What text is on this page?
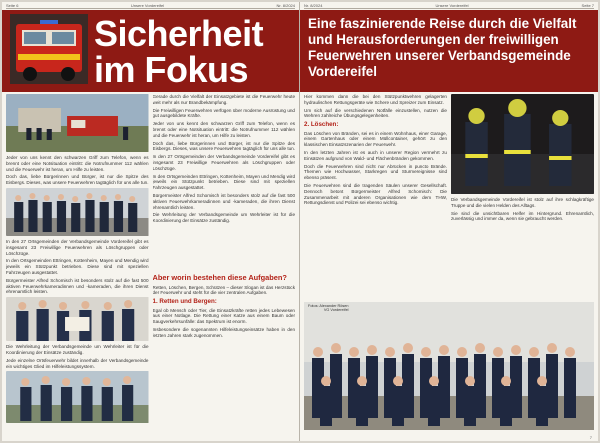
Seite 6	Unsere Vordereifel	Nr. 8/2024
Sicherheit
im Fokus

Jeder von uns kennt den schwarzen Griff zum Telefon, wenn es brennt oder eine Notsituation eintritt: die Notrufnummer 112 wählen und die Feuerwehr ist heran, um Hilfe zu leisten.

Doch das, liebe Bürgerinnen und Bürger, ist nur die Spitze des Eisbergs. Dieses, was unsere Feuerwehren tagtäglich für uns alle tun.

In den 27 Ortsgemeinden der Verbandsgemeinde Vordereifel gibt es insgesamt 23 Freiwillige Feuerwehren als Löschgruppen oder Löschzüge.

In den Ortsgemeinden Ettringen, Kottenheim, Mayen und Mendig wird jeweils ein Stützpunkt betrieben. Diese sind mit speziellen Fahrzeugen ausgestattet.

Bürgermeister Alfred Schomisch ist besonders stolz auf die fast 500 aktiven Feuerwehrkameradinnen und -kameraden, die ihren Dienst ehrenamtlich leisten.

Die Wehrleitung der Verbandsgemeinde um Wehrleiter ist für die Koordinierung der Einsätze zuständig.

Jede einzelne Ortsfeuerwehr bildet innerhalb der Verbandsgemeinde ein wichtiges Glied im Hilfeleistungssystem.

Gerade durch die Vielfalt der Einsatzgebiete ist die Feuerwehr heute weit mehr als nur Brandbekämpfung.

Die Freiwilligen Feuerwehren verfügen über moderne Ausrüstung und gut ausgebildete Kräfte.

Jeder von uns kennt den schwarzen Griff zum Telefon, wenn es brennt oder eine Notsituation eintritt: die Notrufnummer 112 wählen und die Feuerwehr ist heran, um Hilfe zu leisten.

Doch das, liebe Bürgerinnen und Bürger, ist nur die Spitze des Eisbergs. Dieses, was unsere Feuerwehren tagtäglich für uns alle tun.

In den 27 Ortsgemeinden der Verbandsgemeinde Vordereifel gibt es insgesamt 23 Freiwillige Feuerwehren als Löschgruppen oder Löschzüge.

In den Ortsgemeinden Ettringen, Kottenheim, Mayen und Mendig wird jeweils ein Stützpunkt betrieben. Diese sind mit speziellen Fahrzeugen ausgestattet.

Bürgermeister Alfred Schomisch ist besonders stolz auf die fast 500 aktiven Feuerwehrkameradinnen und -kameraden, die ihren Dienst ehrenamtlich leisten.

Die Wehrleitung der Verbandsgemeinde um Wehrleiter ist für die Koordinierung der Einsätze zuständig.

Aber worin bestehen diese Aufgaben?

Retten, Löschen, Bergen, Schützen – dieser Slogan ist das Herzstück der Feuerwehr und steht für die vier zentralen Aufgaben.

1. Retten und Bergen:

Egal ob Mensch oder Tier, die Einsatzkräfte retten jedes Lebewesen aus einer Notlage. Die Rettung einer Katze aus einem Baum oder Saugverkehrsunfälle: das Spektrum ist enorm.

Insbesondere die sogenannten Hilfeleistungseinsätze haben in den letzten Jahren stark zugenommen.

Nr. 8/2024	Unsere Vordereifel	Seite 7
Eine faszinierende Reise durch die Vielfalt und Herausforderungen der freiwilligen Feuerwehren unserer Verbandsgemeinde Vordereifel

Hier kommen dann die bei den Stützpunktwehren gelagerten hydraulischen Rettungsgeräte wie Schere und Spreizer zum Einsatz.

Um sich auf die verschiedenen Notfälle einzustellen, nutzen die Wehren zahlreiche Übungsgelegenheiten.

2. Löschen:

Das Löschen von Bränden, sei es in einem Wohnhaus, einer Garage, einem Gartenhaus oder einem Müllcontainer, gehört zu den klassischen Einsatzszenarien der Feuerwehr.

In den letzten Jahren ist es auch in unserer Region vermehrt zu Einsätzen aufgrund von Wald- und Flächenbränden gekommen.

Doch die Feuerwehren sind nicht nur Abrücken in puncto Brände. Themen wie Hochwasser, Starkregen und Sturmereignisse sind ebenso präsent.

Die Feuerwehren sind die tragenden Säulen unserer Gesellschaft. Dennoch betont Bürgermeister Alfred Schomisch: Die Zusammenarbeit mit anderen Organisationen wie dem THW, Rettungsdienst und Polizei sei ebenso wichtig.

Die Verbandsgemeinde Vordereifel ist stolz auf ihre schlagkräftige Truppe und die vielen Helden des Alltags.

Sie sind die unsichtbaren Helfer im Hintergrund. Ehrenamtlich, zuverlässig und immer da, wenn sie gebraucht werden.

Fotos: Alexander Rösen
VG Vordereifel
7
